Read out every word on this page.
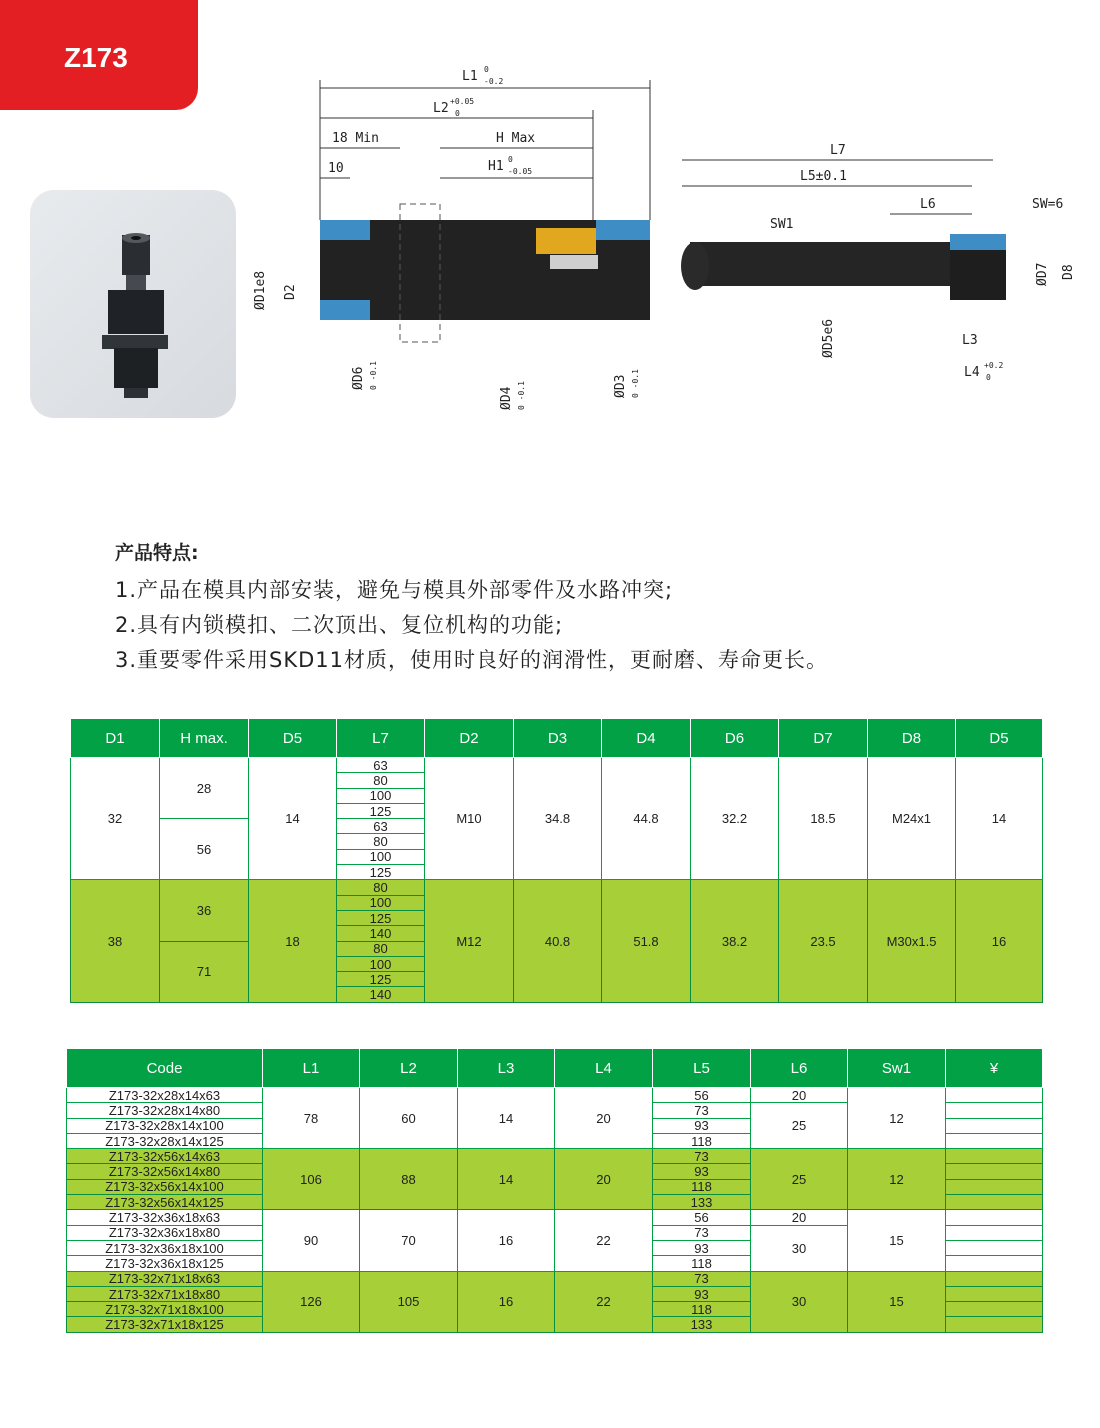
Z173
L1 0
-0.2
L2 +0.05
0
18 Min	H Max
10	H1 0
-0.05
ØD1e8 D2
ØD6 0 -0.1
ØD4 0 -0.1	ØD3 0 -0.1
L7
L5±0.1
L6
SW1
SW=6
ØD5e6
ØD7 D8
L3
L4 +0.2
0
产品特点:
1.产品在模具内部安装，避免与模具外部零件及水路冲突;
2.具有内锁模扣、二次顶出、复位机构的功能;
3.重要零件采用SKD11材质，使用时良好的润滑性，更耐磨、寿命更长。
D1	H max.	D5	L7	D2	D3	D4	D6	D7	D8	D5
32	28	14	63	M10	34.8	44.8	32.2	18.5	M24x1	14
			80							
			100							
			125							
	56		63							
			80							
			100							
			125							
38	36	18	80	M12	40.8	51.8	38.2	23.5	M30x1.5	16
			100							
			125							
			140							
	71		80							
			100							
			125							
			140							
Code	L1	L2	L3	L4	L5	L6	Sw1	¥
Z173-32x28x14x63	78	60	14	20	56	20	12	
Z173-32x28x14x80					73	25		
Z173-32x28x14x100					93			
Z173-32x28x14x125					118			
Z173-32x56x14x63	106	88	14	20	73	25	12	
Z173-32x56x14x80					93			
Z173-32x56x14x100					118			
Z173-32x56x14x125					133			
Z173-32x36x18x63	90	70	16	22	56	20	15	
Z173-32x36x18x80					73	30		
Z173-32x36x18x100					93			
Z173-32x36x18x125					118			
Z173-32x71x18x63	126	105	16	22	73	30	15	
Z173-32x71x18x80					93			
Z173-32x71x18x100					118			
Z173-32x71x18x125					133			
